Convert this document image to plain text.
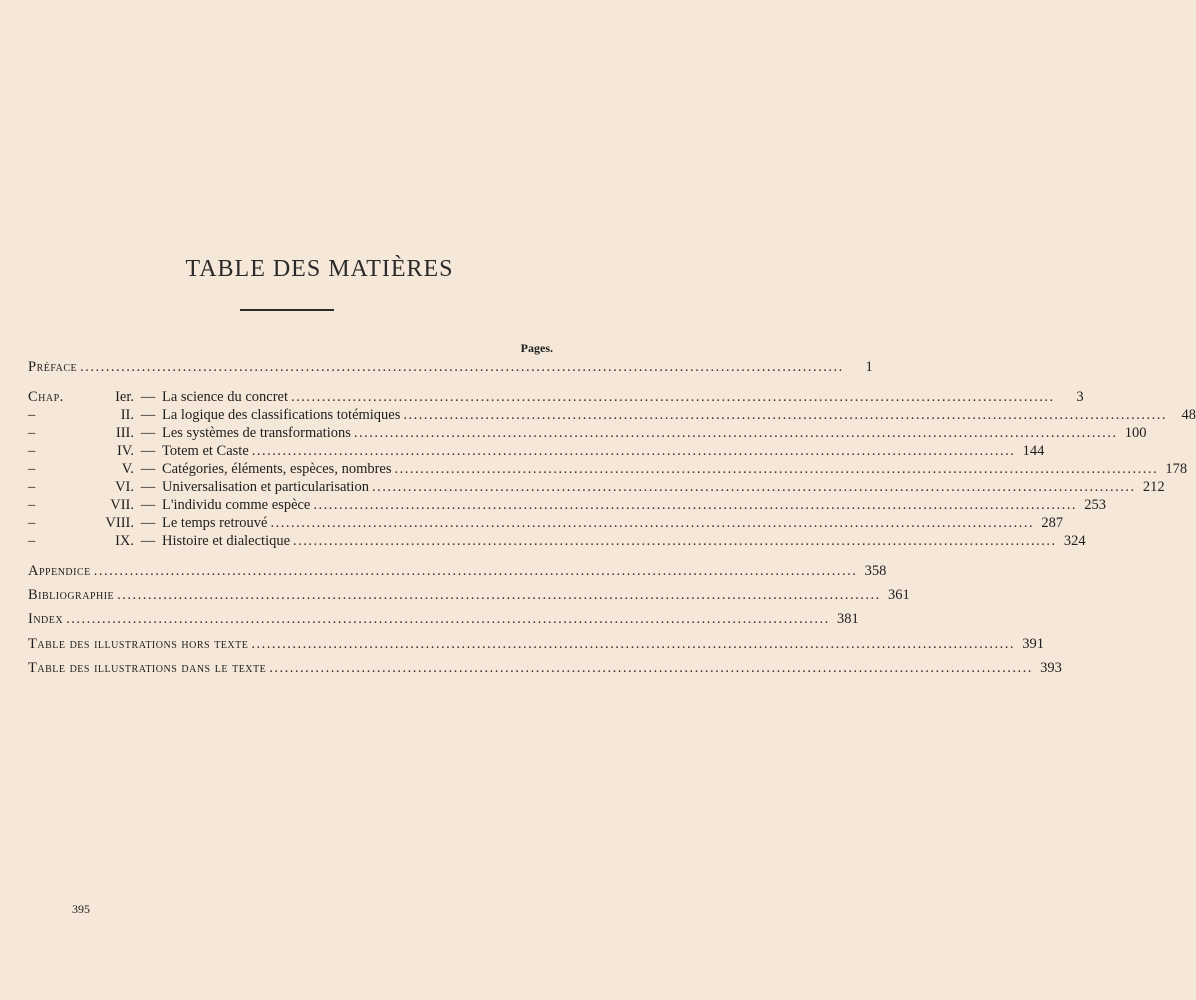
TABLE DES MATIÈRES
Pages.
Préface .....................................................................................................................................................	1
Chap.	Ier. — La science du concret .....................................................................................................................................................	3
–	II. — La logique des classifications totémiques .....................................................................................................................................................	48
–	III. — Les systèmes de transformations ..................................................................................................................................................... 100
–	IV. — Totem et Caste ..................................................................................................................................................... 144
–	V. — Catégories, éléments, espèces, nombres ..................................................................................................................................................... 178
–	VI. — Universalisation et particularisation ..................................................................................................................................................... 212
–	VII. — L'individu comme espèce ..................................................................................................................................................... 253
–	VIII. — Le temps retrouvé ..................................................................................................................................................... 287
–	IX. — Histoire et dialectique ..................................................................................................................................................... 324
Appendice ..................................................................................................................................................... 358
Bibliographie ..................................................................................................................................................... 361
Index ..................................................................................................................................................... 381
Table des illustrations hors texte ..................................................................................................................................................... 391
Table des illustrations dans le texte ..................................................................................................................................................... 393
395
